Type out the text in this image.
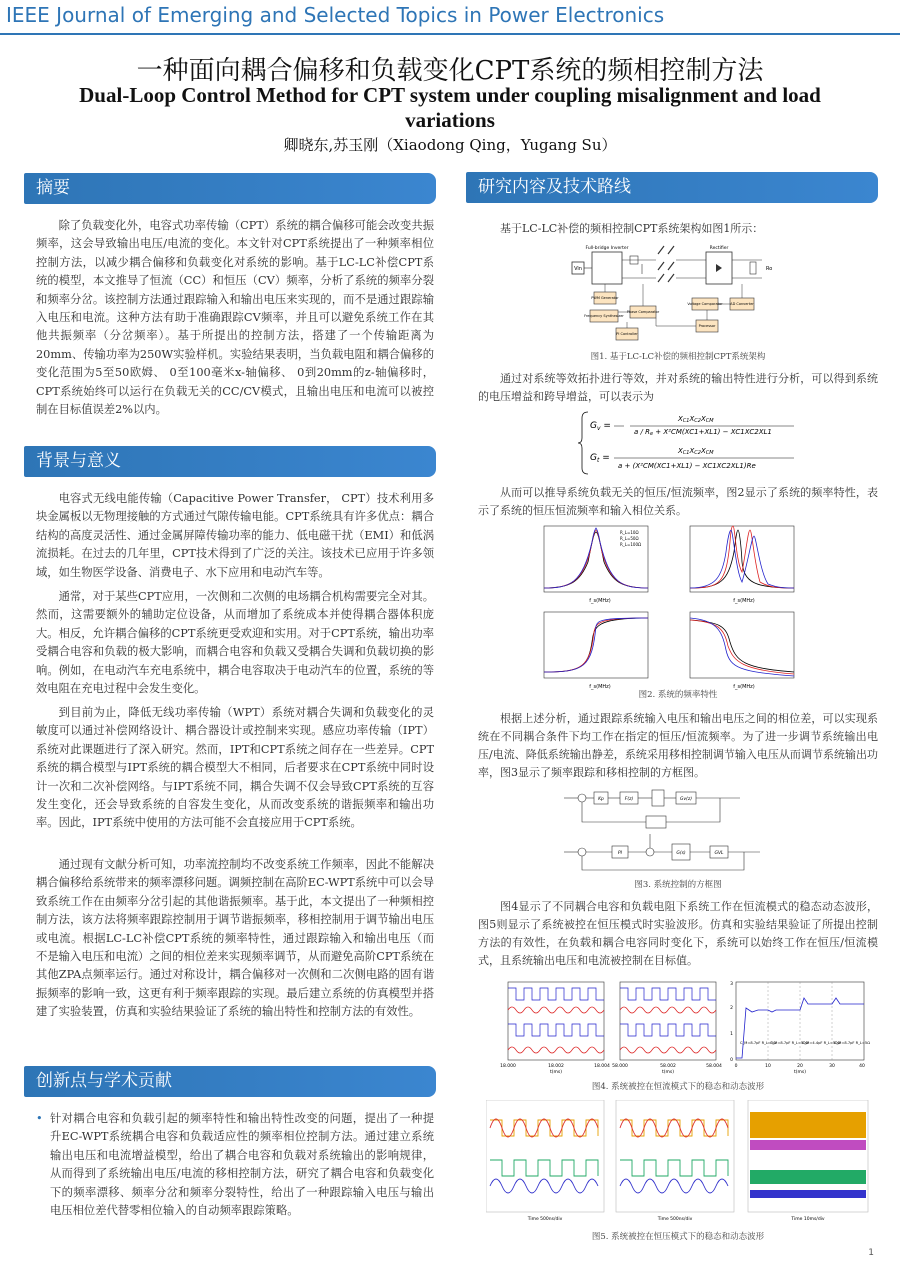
IEEE Journal of Emerging and Selected Topics in Power Electronics
一种面向耦合偏移和负载变化CPT系统的频相控制方法
Dual-Loop Control Method for CPT system under coupling misalignment and load variations
卿晓东,苏玉刚（Xiaodong Qing，Yugang Su）
摘要
除了负载变化外，电容式功率传输（CPT）系统的耦合偏移可能会改变共振频率，这会导致输出电压/电流的变化。本文针对CPT系统提出了一种频率相位控制方法，以减少耦合偏移和负载变化对系统的影响。基于LC-LC补偿CPT系统的模型，本文推导了恒流（CC）和恒压（CV）频率，分析了系统的频率分裂和频率分岔。该控制方法通过跟踪输入和输出电压来实现的，而不是通过跟踪输入电压和电流。这种方法有助于准确跟踪CV频率，并且可以避免系统工作在其他共振频率（分岔频率）。基于所提出的控制方法，搭建了一个传输距离为20mm、传输功率为250W实验样机。实验结果表明，当负载电阻和耦合偏移的变化范围为5至50欧姆、 0至100毫米x-轴偏移、 0到20mm的z-轴偏移时，CPT系统始终可以运行在负载无关的CC/CV模式，且输出电压和电流可以被控制在目标值误差2%以内。
背景与意义
电容式无线电能传输（Capacitive Power Transfer， CPT）技术利用多块金属板以无物理接触的方式通过气隙传输电能。CPT系统具有许多优点：耦合结构的高度灵活性、通过金属屏障传输功率的能力、低电磁干扰（EMI）和低涡流损耗。在过去的几年里，CPT技术得到了广泛的关注。该技术已应用于许多领域，如生物医学设备、消费电子、水下应用和电动汽车等。
通常，对于某些CPT应用，一次侧和二次侧的电场耦合机构需要完全对其。然而，这需要额外的辅助定位设备，从而增加了系统成本并使得耦合器体积庞大。相反，允许耦合偏移的CPT系统更受欢迎和实用。对于CPT系统，输出功率受耦合电容和负载的极大影响，而耦合电容和负载又受耦合失调和负载切换的影响。例如，在电动汽车充电系统中，耦合电容取决于电动汽车的位置，系统的等效电阻在充电过程中会发生变化。
到目前为止，降低无线功率传输（WPT）系统对耦合失调和负载变化的灵敏度可以通过补偿网络设计、耦合器设计或控制来实现。感应功率传输（IPT）系统对此课题进行了深入研究。然而，IPT和CPT系统之间存在一些差异。CPT系统的耦合模型与IPT系统的耦合模型大不相同，后者要求在CPT系统中同时设计一次和二次补偿网络。与IPT系统不同，耦合失调不仅会导致CPT系统的互容发生变化，还会导致系统的自容发生变化，从而改变系统的谐振频率和输出功率。因此，IPT系统中使用的方法可能不会直接应用于CPT系统。
通过现有文献分析可知，功率流控制均不改变系统工作频率，因此不能解决耦合偏移给系统带来的频率漂移问题。调频控制在高阶EC-WPT系统中可以会导致系统工作在由频率分岔引起的其他谐振频率。基于此，本文提出了一种频相控制方法，该方法将频率跟踪控制用于调节谐振频率，移相控制用于调节输出电压或电流。根据LC-LC补偿CPT系统的频率特性，通过跟踪输入和输出电压（而不是输入电压和电流）之间的相位差来实现频率调节，从而避免高阶CPT系统在其他ZPA点频率运行。通过对称设计，耦合偏移对一次侧和二次侧电路的固有谐振频率的影响一致，这更有利于频率跟踪的实现。最后建立系统的仿真模型并搭建了实验装置，仿真和实验结果验证了系统的输出特性和控制方法的有效性。
创新点与学术贡献
• 针对耦合电容和负载引起的频率特性和输出特性改变的问题，提出了一种提升EC-WPT系统耦合电容和负载适应性的频率相位控制方法。通过建立系统输出电压和电流增益模型，给出了耦合电容和负载对系统输出的影响规律，从而得到了系统输出电压/电流的移相控制方法，研究了耦合电容和负载变化下的频率漂移、频率分岔和频率分裂特性，给出了一种跟踪输入电压与输出电压相位差代替零相位输入的自动频率跟踪策略。
研究内容及技术路线
基于LC-LC补偿的频相控制CPT系统架构如图1所示：
Vin
Full-bridge Inverter	Rectifier
Ro
PWM Generator
Phase Comparator
Frequency Synthesizer
PI Controller
Voltage Comparator AD Converter
Processor
图1. 基于LC-LC补偿的频相控制CPT系统架构
通过对系统等效拓扑进行等效，并对系统的输出特性进行分析，可以得到系统的电压增益和跨导增益，可以表示为
$G_v$ =
XC1XC2XCM
a / Re + X²CM(XC1+XL1) − XC1XC2XL1
$G_t$ =
XC1XC2XCM
a + (X²CM(XC1+XL1) − XC1XC2XL1)Re
从而可以推导系统负载无关的恒压/恒流频率，图2显示了系统的频率特性，表示了系统的恒压恒流频率和输入相位关系。
f_s(MHz)	f_s(MHz)
f_s(MHz)	f_s(MHz)
R_L=10Ω
R_L=50Ω
R_L=100Ω
图2. 系统的频率特性
根据上述分析，通过跟踪系统输入电压和输出电压之间的相位差，可以实现系统在不同耦合条件下均工作在指定的恒压/恒流频率。为了进一步调节系统输出电压/电流、降低系统输出静差，系统采用移相控制调节输入电压从而调节系统输出功率，图3显示了频率跟踪和移相控制的方框图。
Kp	F(z)	Gv(z)
PI	G(s)	GVL
图3. 系统控制的方框图
图4显示了不同耦合电容和负载电阻下系统工作在恒流模式的稳态动态波形，图5则显示了系统被控在恒压模式时实验波形。仿真和实验结果验证了所提出控制方法的有效性，在负载和耦合电容同时变化下，系统可以始终工作在恒压/恒流模式，且系统输出电压和电流被控制在目标值。
18.000	18.002	18.004
t(ms)
58.000	58.002	58.004
t(ms)
0	10	20	30	40
t(ms)
0
1
2
3
C_M=8.7pF R_L=5Ω
C_M=8.7pF R_L=50Ω
C_M=4.4pF R_L=50Ω
C_M=8.7pF R_L=5Ω
图4. 系统被控在恒流模式下的稳态和动态波形
Time 500ns/div	Time 500ns/div	Time 10ms/div
图5. 系统被控在恒压模式下的稳态和动态波形
1
